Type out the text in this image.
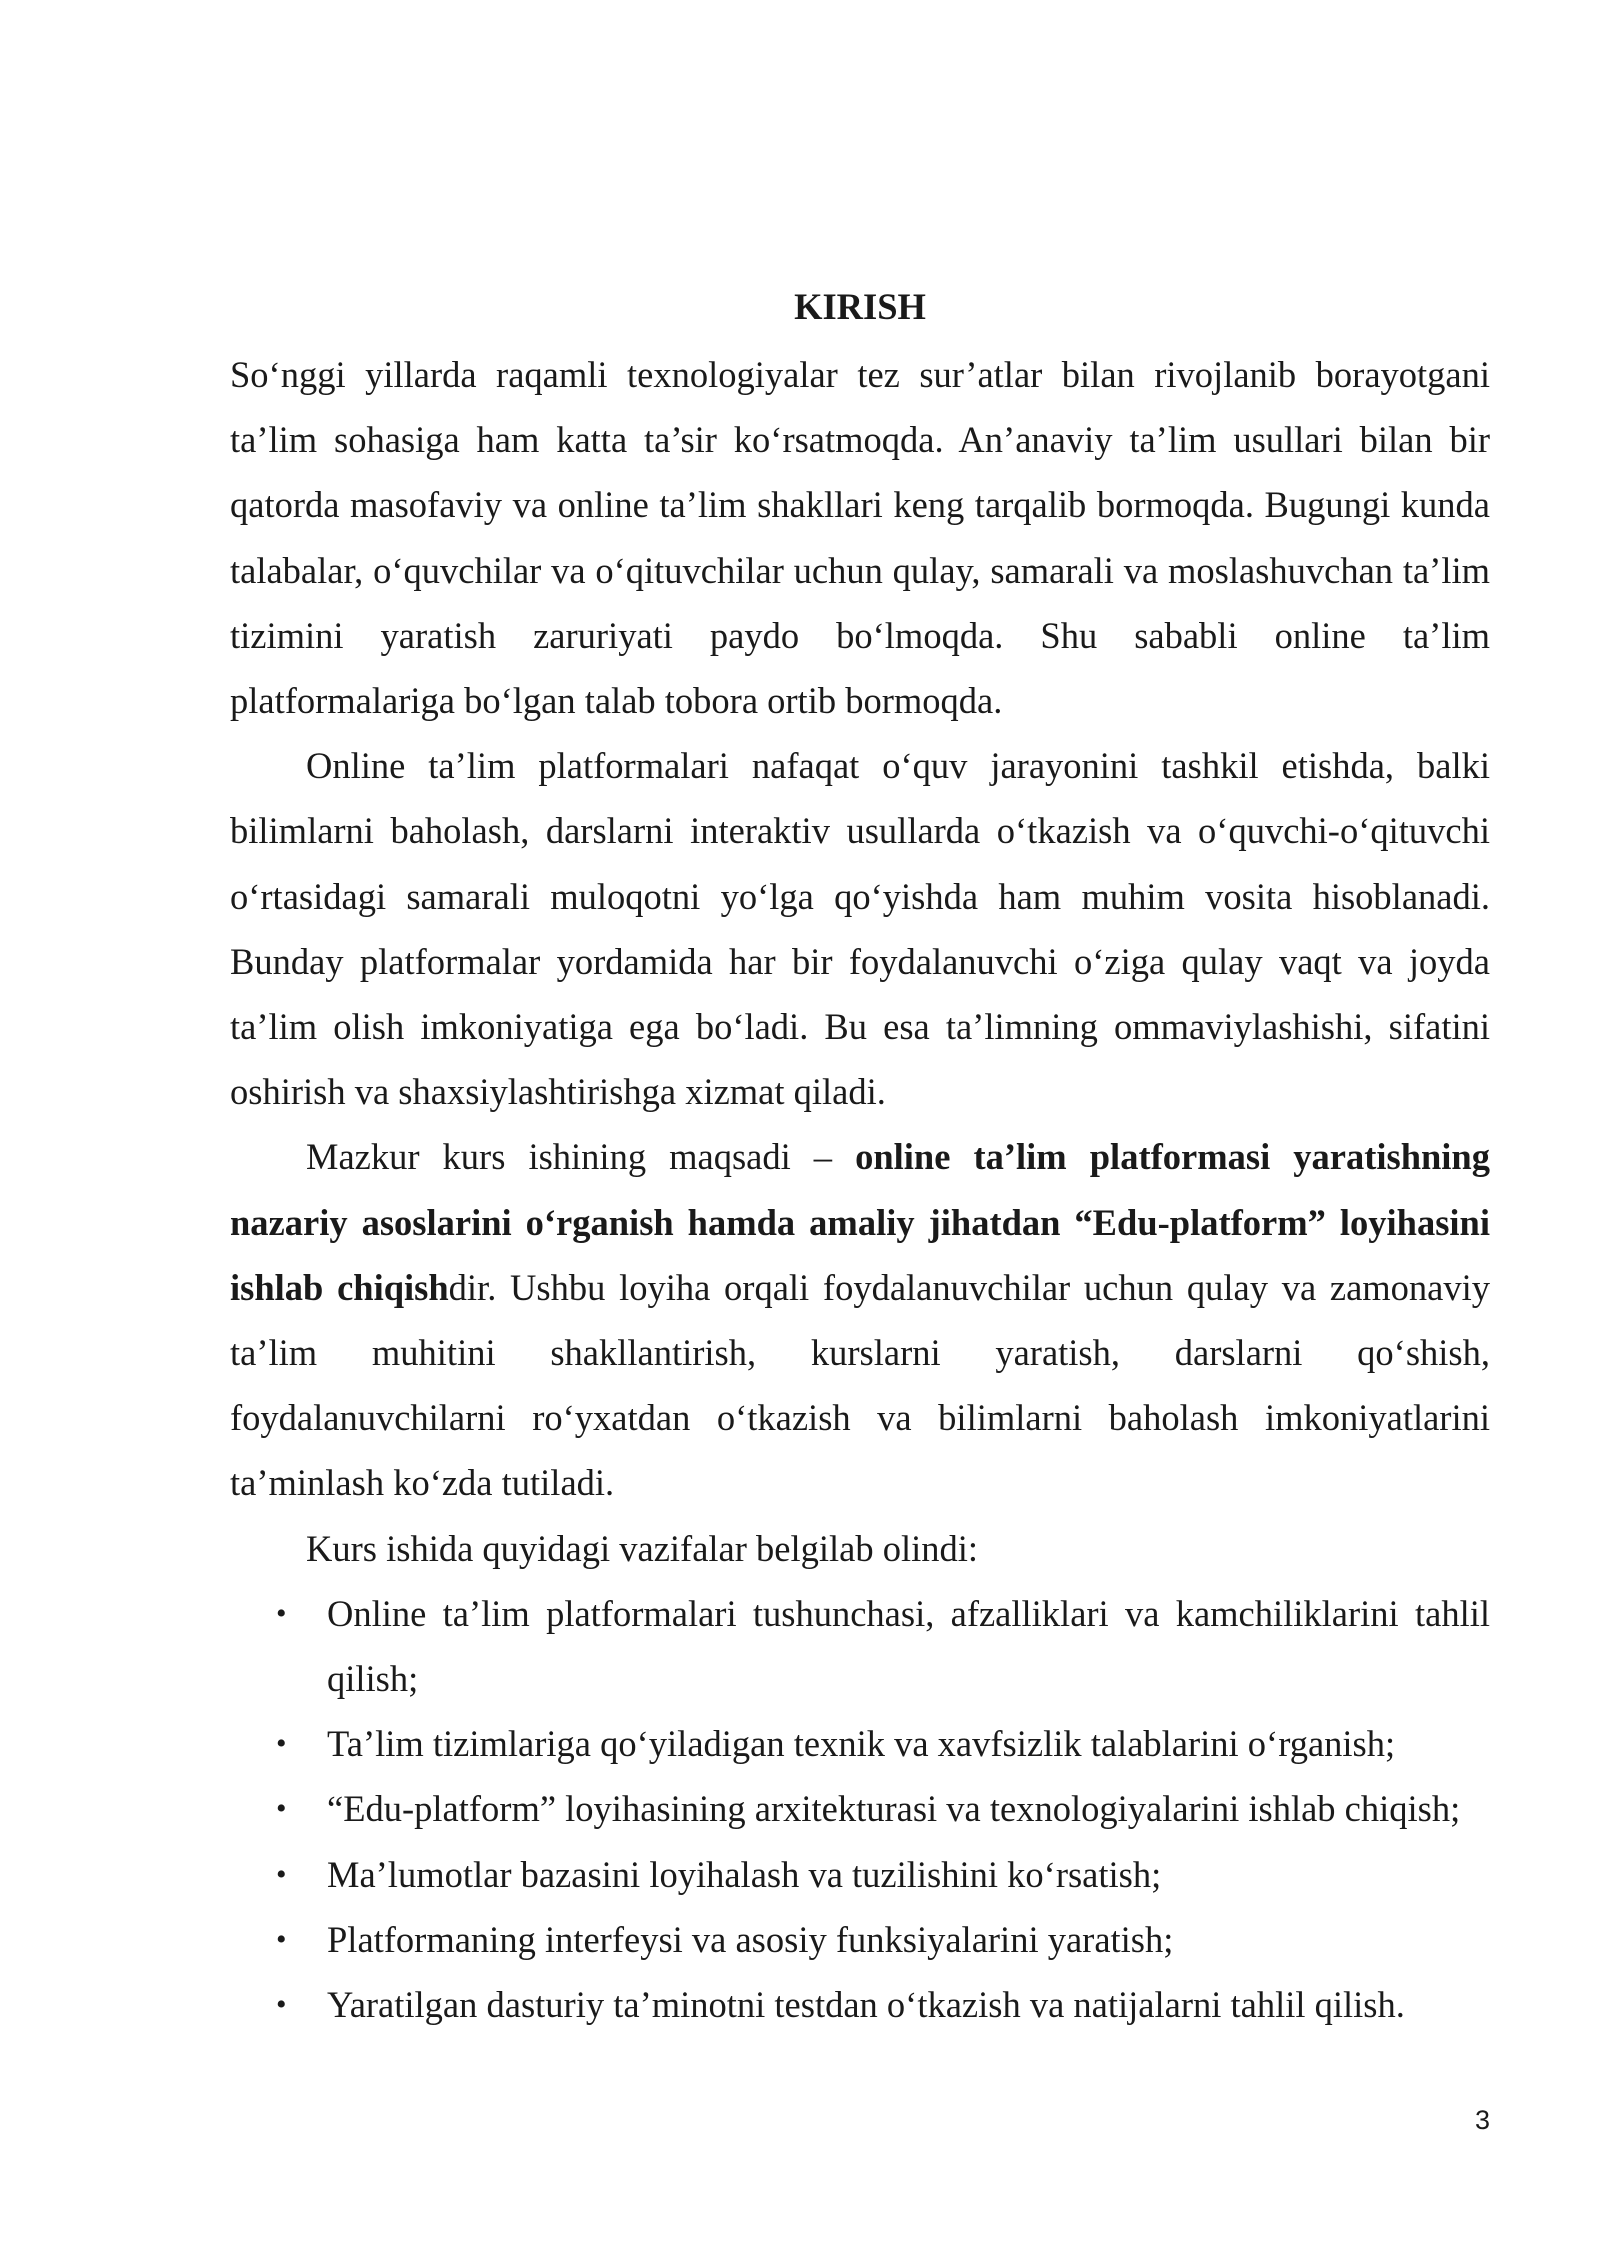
KIRISH

So‘nggi yillarda raqamli texnologiyalar tez sur’atlar bilan rivojlanib borayotgani ta’lim sohasiga ham katta ta’sir ko‘rsatmoqda. An’anaviy ta’lim usullari bilan bir qatorda masofaviy va online ta’lim shakllari keng tarqalib bormoqda. Bugungi kunda talabalar, o‘quvchilar va o‘qituvchilar uchun qulay, samarali va moslashuvchan ta’lim tizimini yaratish zaruriyati paydo bo‘lmoqda. Shu sababli online ta’lim platformalariga bo‘lgan talab tobora ortib bormoqda.

Online ta’lim platformalari nafaqat o‘quv jarayonini tashkil etishda, balki bilimlarni baholash, darslarni interaktiv usullarda o‘tkazish va o‘quvchi-o‘qituvchi o‘rtasidagi samarali muloqotni yo‘lga qo‘yishda ham muhim vosita hisoblanadi. Bunday platformalar yordamida har bir foydalanuvchi o‘ziga qulay vaqt va joyda ta’lim olish imkoniyatiga ega bo‘ladi. Bu esa ta’limning ommaviylashishi, sifatini oshirish va shaxsiylashtirishga xizmat qiladi.

Mazkur kurs ishining maqsadi – online ta’lim platformasi yaratishning nazariy asoslarini o‘rganish hamda amaliy jihatdan “Edu-platform” loyihasini ishlab chiqishdir. Ushbu loyiha orqali foydalanuvchilar uchun qulay va zamonaviy ta’lim muhitini shakllantirish, kurslarni yaratish, darslarni qo‘shish, foydalanuvchilarni ro‘yxatdan o‘tkazish va bilimlarni baholash imkoniyatlarini ta’minlash ko‘zda tutiladi.

Kurs ishida quyidagi vazifalar belgilab olindi:

• Online ta’lim platformalari tushunchasi, afzalliklari va kamchiliklarini tahlil qilish;
• Ta’lim tizimlariga qo‘yiladigan texnik va xavfsizlik talablarini o‘rganish;
• “Edu-platform” loyihasining arxitekturasi va texnologiyalarini ishlab chiqish;
• Ma’lumotlar bazasini loyihalash va tuzilishini ko‘rsatish;
• Platformaning interfeysi va asosiy funksiyalarini yaratish;
• Yaratilgan dasturiy ta’minotni testdan o‘tkazish va natijalarni tahlil qilish.
3
